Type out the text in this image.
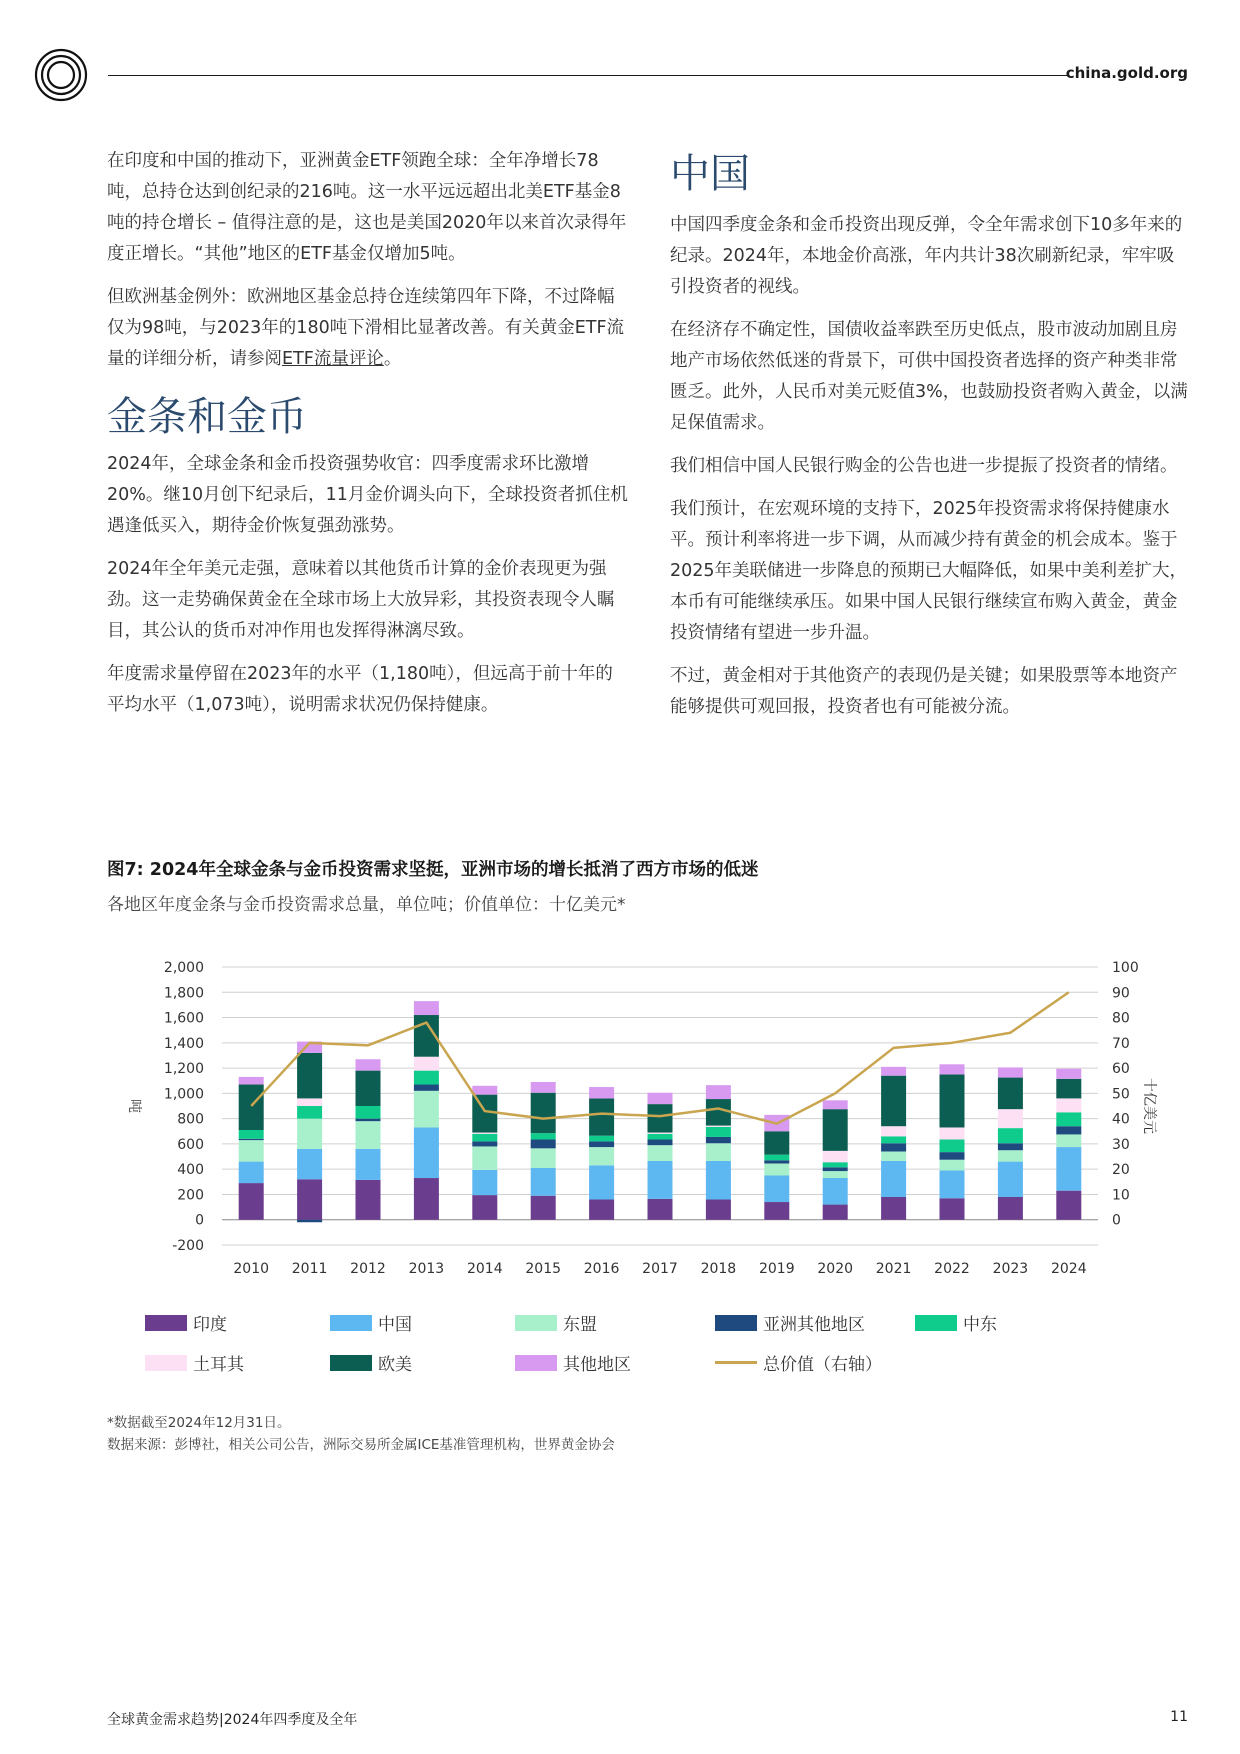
china.gold.org

在印度和中国的推动下，亚洲黄金ETF领跑全球：全年净增长78吨，总持仓达到创纪录的216吨。这一水平远远超出北美ETF基金8吨的持仓增长 – 值得注意的是，这也是美国2020年以来首次录得年度正增长。“其他”地区的ETF基金仅增加5吨。

但欧洲基金例外：欧洲地区基金总持仓连续第四年下降，不过降幅仅为98吨，与2023年的180吨下滑相比显著改善。有关黄金ETF流量的详细分析，请参阅ETF流量评论。

金条和金币

2024年，全球金条和金币投资强势收官：四季度需求环比激增20%。继10月创下纪录后，11月金价调头向下，全球投资者抓住机遇逢低买入，期待金价恢复强劲涨势。

2024年全年美元走强，意味着以其他货币计算的金价表现更为强劲。这一走势确保黄金在全球市场上大放异彩，其投资表现令人瞩目，其公认的货币对冲作用也发挥得淋漓尽致。

年度需求量停留在2023年的水平（1,180吨），但远高于前十年的平均水平（1,073吨），说明需求状况仍保持健康。

中国

中国四季度金条和金币投资出现反弹，令全年需求创下10多年来的纪录。2024年，本地金价高涨，年内共计38次刷新纪录，牢牢吸引投资者的视线。

在经济存不确定性，国债收益率跌至历史低点，股市波动加剧且房地产市场依然低迷的背景下，可供中国投资者选择的资产种类非常匮乏。此外，人民币对美元贬值3%，也鼓励投资者购入黄金，以满足保值需求。

我们相信中国人民银行购金的公告也进一步提振了投资者的情绪。

我们预计，在宏观环境的支持下，2025年投资需求将保持健康水平。预计利率将进一步下调，从而减少持有黄金的机会成本。鉴于2025年美联储进一步降息的预期已大幅降低，如果中美利差扩大，本币有可能继续承压。如果中国人民银行继续宣布购入黄金，黄金投资情绪有望进一步升温。

不过，黄金相对于其他资产的表现仍是关键；如果股票等本地资产能够提供可观回报，投资者也有可能被分流。

图7: 2024年全球金条与金币投资需求坚挺，亚洲市场的增长抵消了西方市场的低迷
各地区年度金条与金币投资需求总量，单位吨；价值单位：十亿美元*
-200
0
200
400
600
800
1,000
1,200
1,400
1,600
1,800
2,000
0
10
20
30
40
50
60
70
80
90
100
吨	十亿美元
2010 2011 2012 2013 2014 2015 2016 2017 2018 2019 2020 2021 2022 2023 2024
印度	中国	东盟	亚洲其他地区	中东
土耳其	欧美	其他地区	总价值（右轴）
*数据截至2024年12月31日。
数据来源：彭博社，相关公司公告，洲际交易所金属ICE基准管理机构，世界黄金协会
全球黄金需求趋势|2024年四季度及全年	11
